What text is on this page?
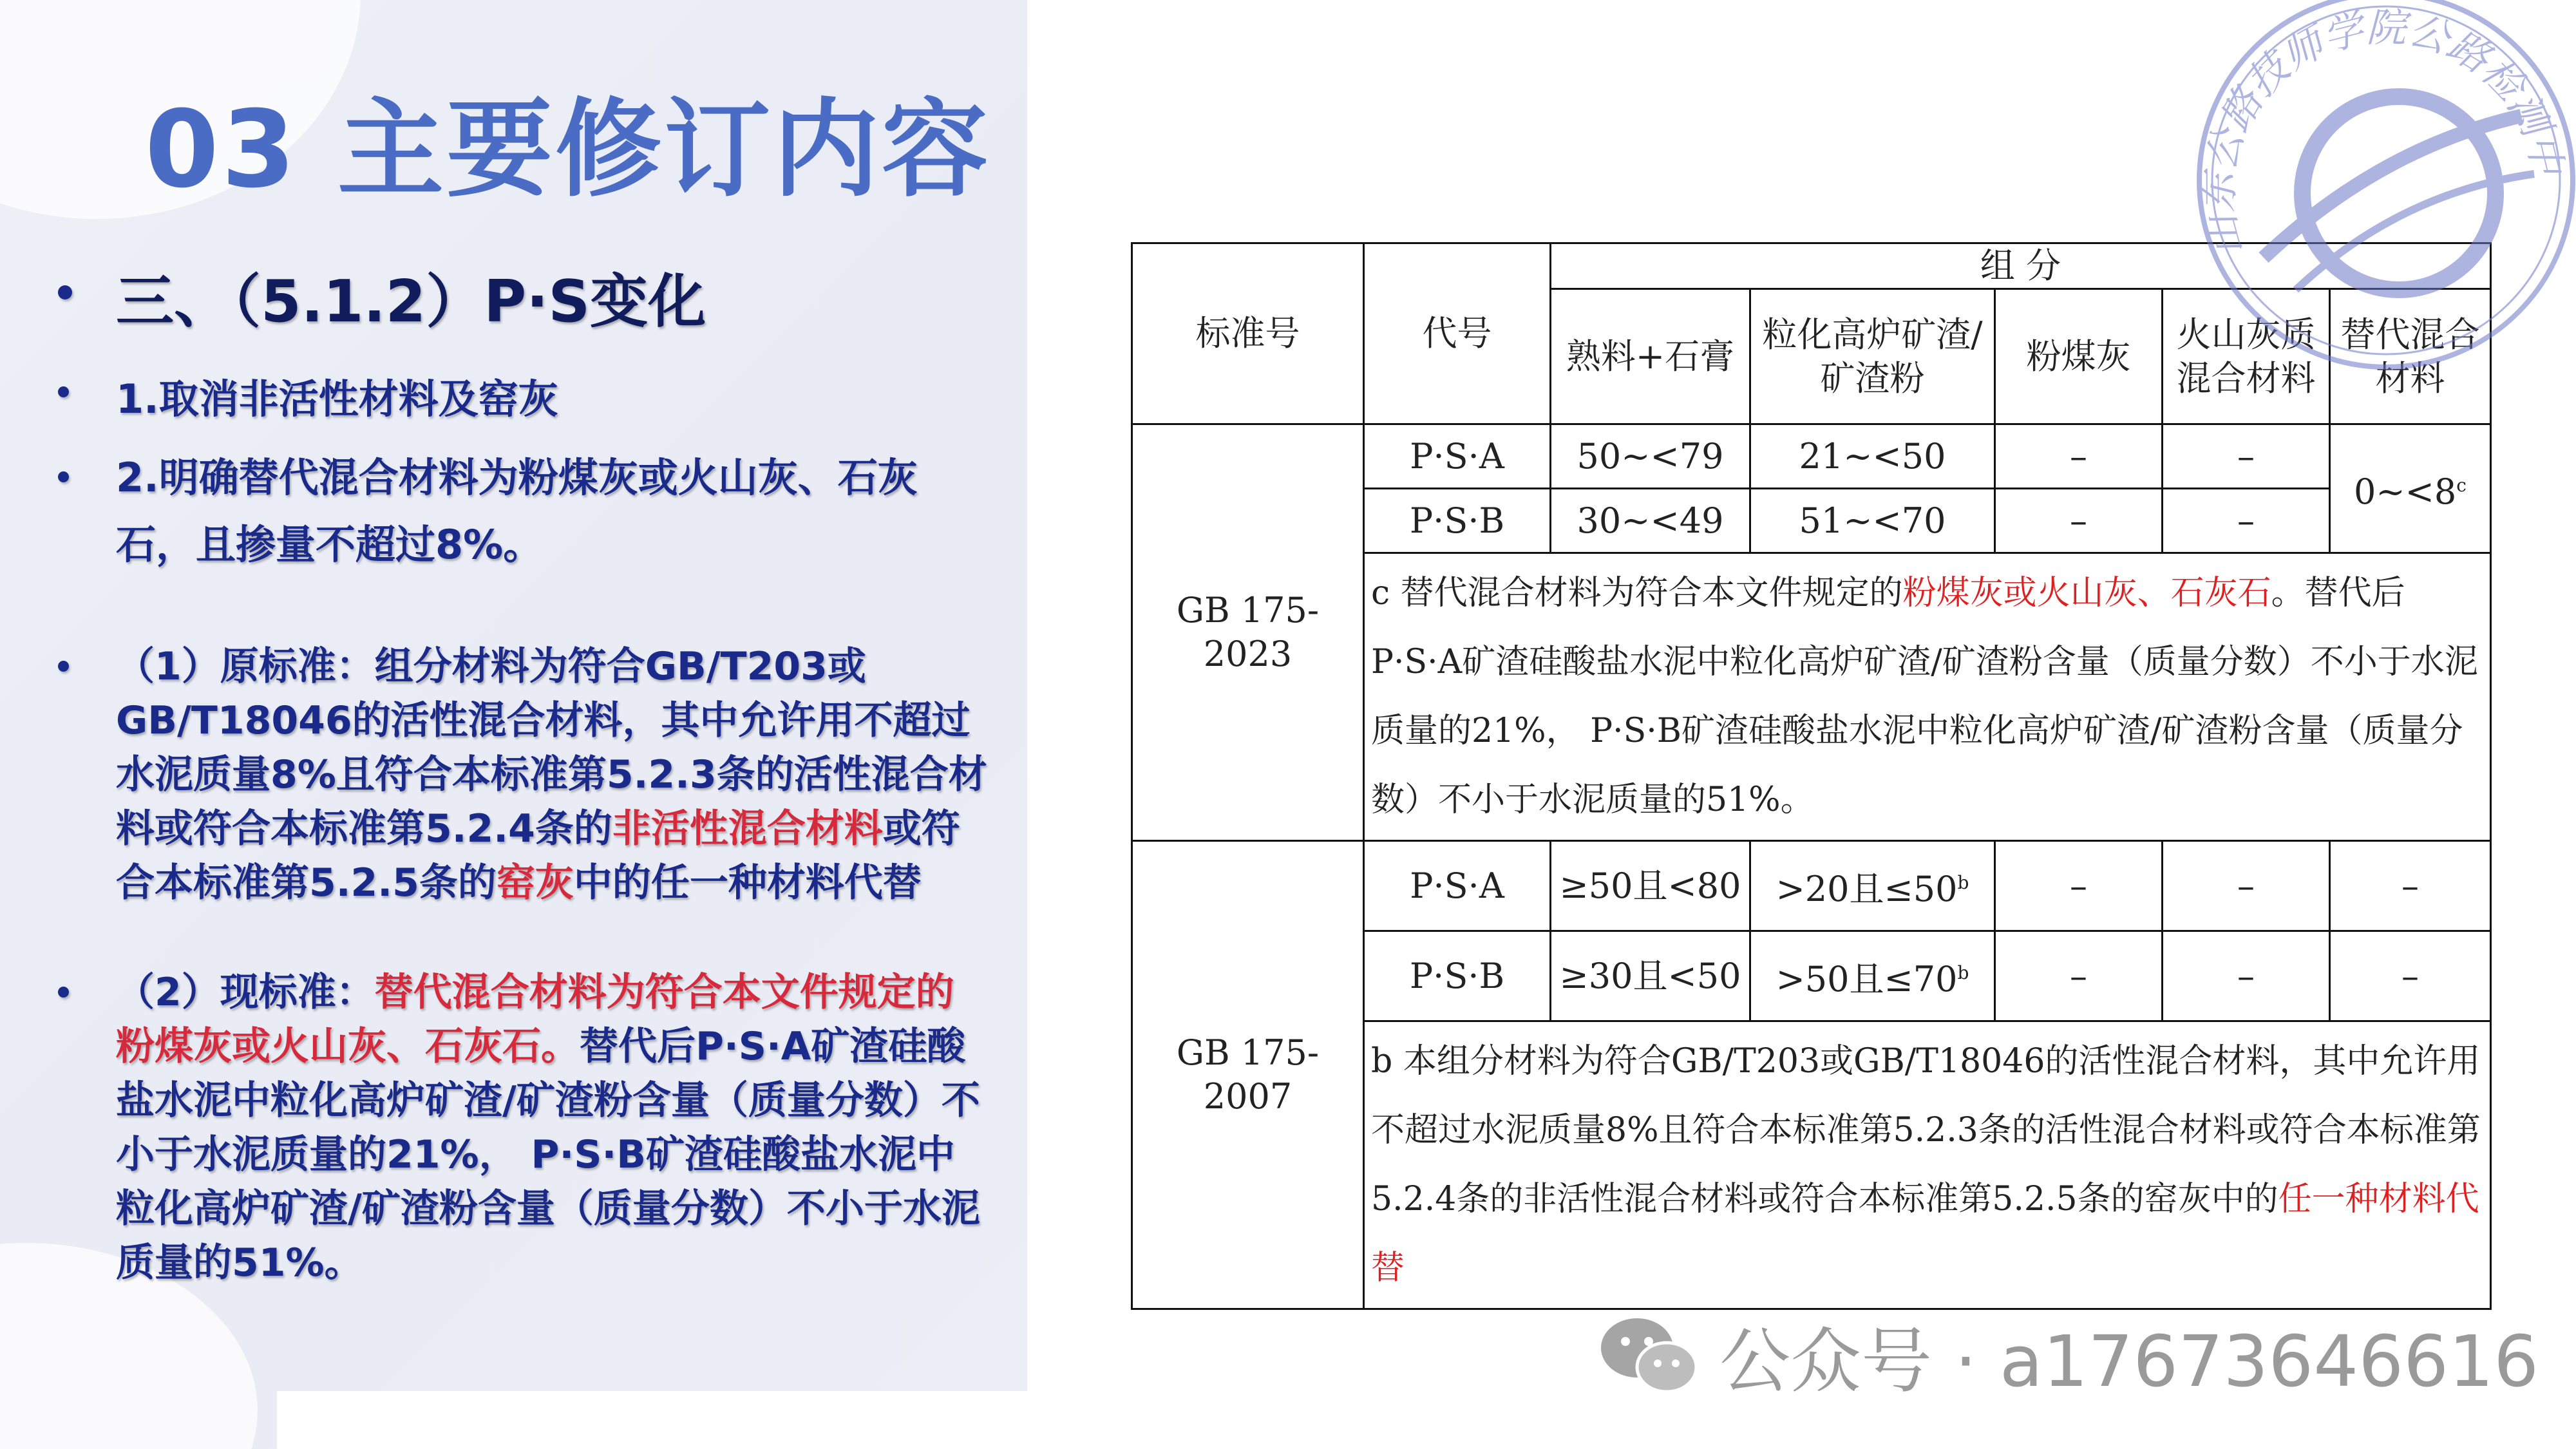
03 主要修订内容
三、（5.1.2）P·S变化
1.取消非活性材料及窑灰
2.明确替代混合材料为粉煤灰或火山灰、石灰石，且掺量不超过8%。
（1）原标准：组分材料为符合GB/T203或GB/T18046的活性混合材料，其中允许用不超过水泥质量8%且符合本标准第5.2.3条的活性混合材料或符合本标准第5.2.4条的非活性混合材料或符合本标准第5.2.5条的窑灰中的任一种材料代替
（2）现标准：替代混合材料为符合本文件规定的粉煤灰或火山灰、石灰石。替代后P·S·A矿渣硅酸盐水泥中粒化高炉矿渣/矿渣粉含量（质量分数）不小于水泥质量的21%， P·S·B矿渣硅酸盐水泥中粒化高炉矿渣/矿渣粉含量（质量分数）不小于水泥质量的51%。
标准号	代号	组 分				
		熟料+石膏	粒化高炉矿渣/矿渣粉	粉煤灰	火山灰质混合材料	替代混合材料
GB 175-2023	P·S·A	50~<79	21~<50	–	–	$0\sim<8^c$
	P·S·B	30~<49	51~<70	–	–	
	c 替代混合材料为符合本文件规定的粉煤灰或火山灰、石灰石。替代后P·S·A矿渣硅酸盐水泥中粒化高炉矿渣/矿渣粉含量（质量分数）不小于水泥质量的21%， P·S·B矿渣硅酸盐水泥中粒化高炉矿渣/矿渣粉含量（质量分数）不小于水泥质量的51%。					
GB 175-2007	P·S·A	≥50且<80	>20且$\le 50^b$	–	–	–
	P·S·B	≥30且<50	>50且$\le 70^b$	–	–	–
	b 本组分材料为符合GB/T203或GB/T18046的活性混合材料，其中允许用不超过水泥质量8%且符合本标准第5.2.3条的活性混合材料或符合本标准第5.2.4条的非活性混合材料或符合本标准第5.2.5条的窑灰中的任一种材料代替					
山东公路技师学院公路检测中
公众号 · a17673646616
